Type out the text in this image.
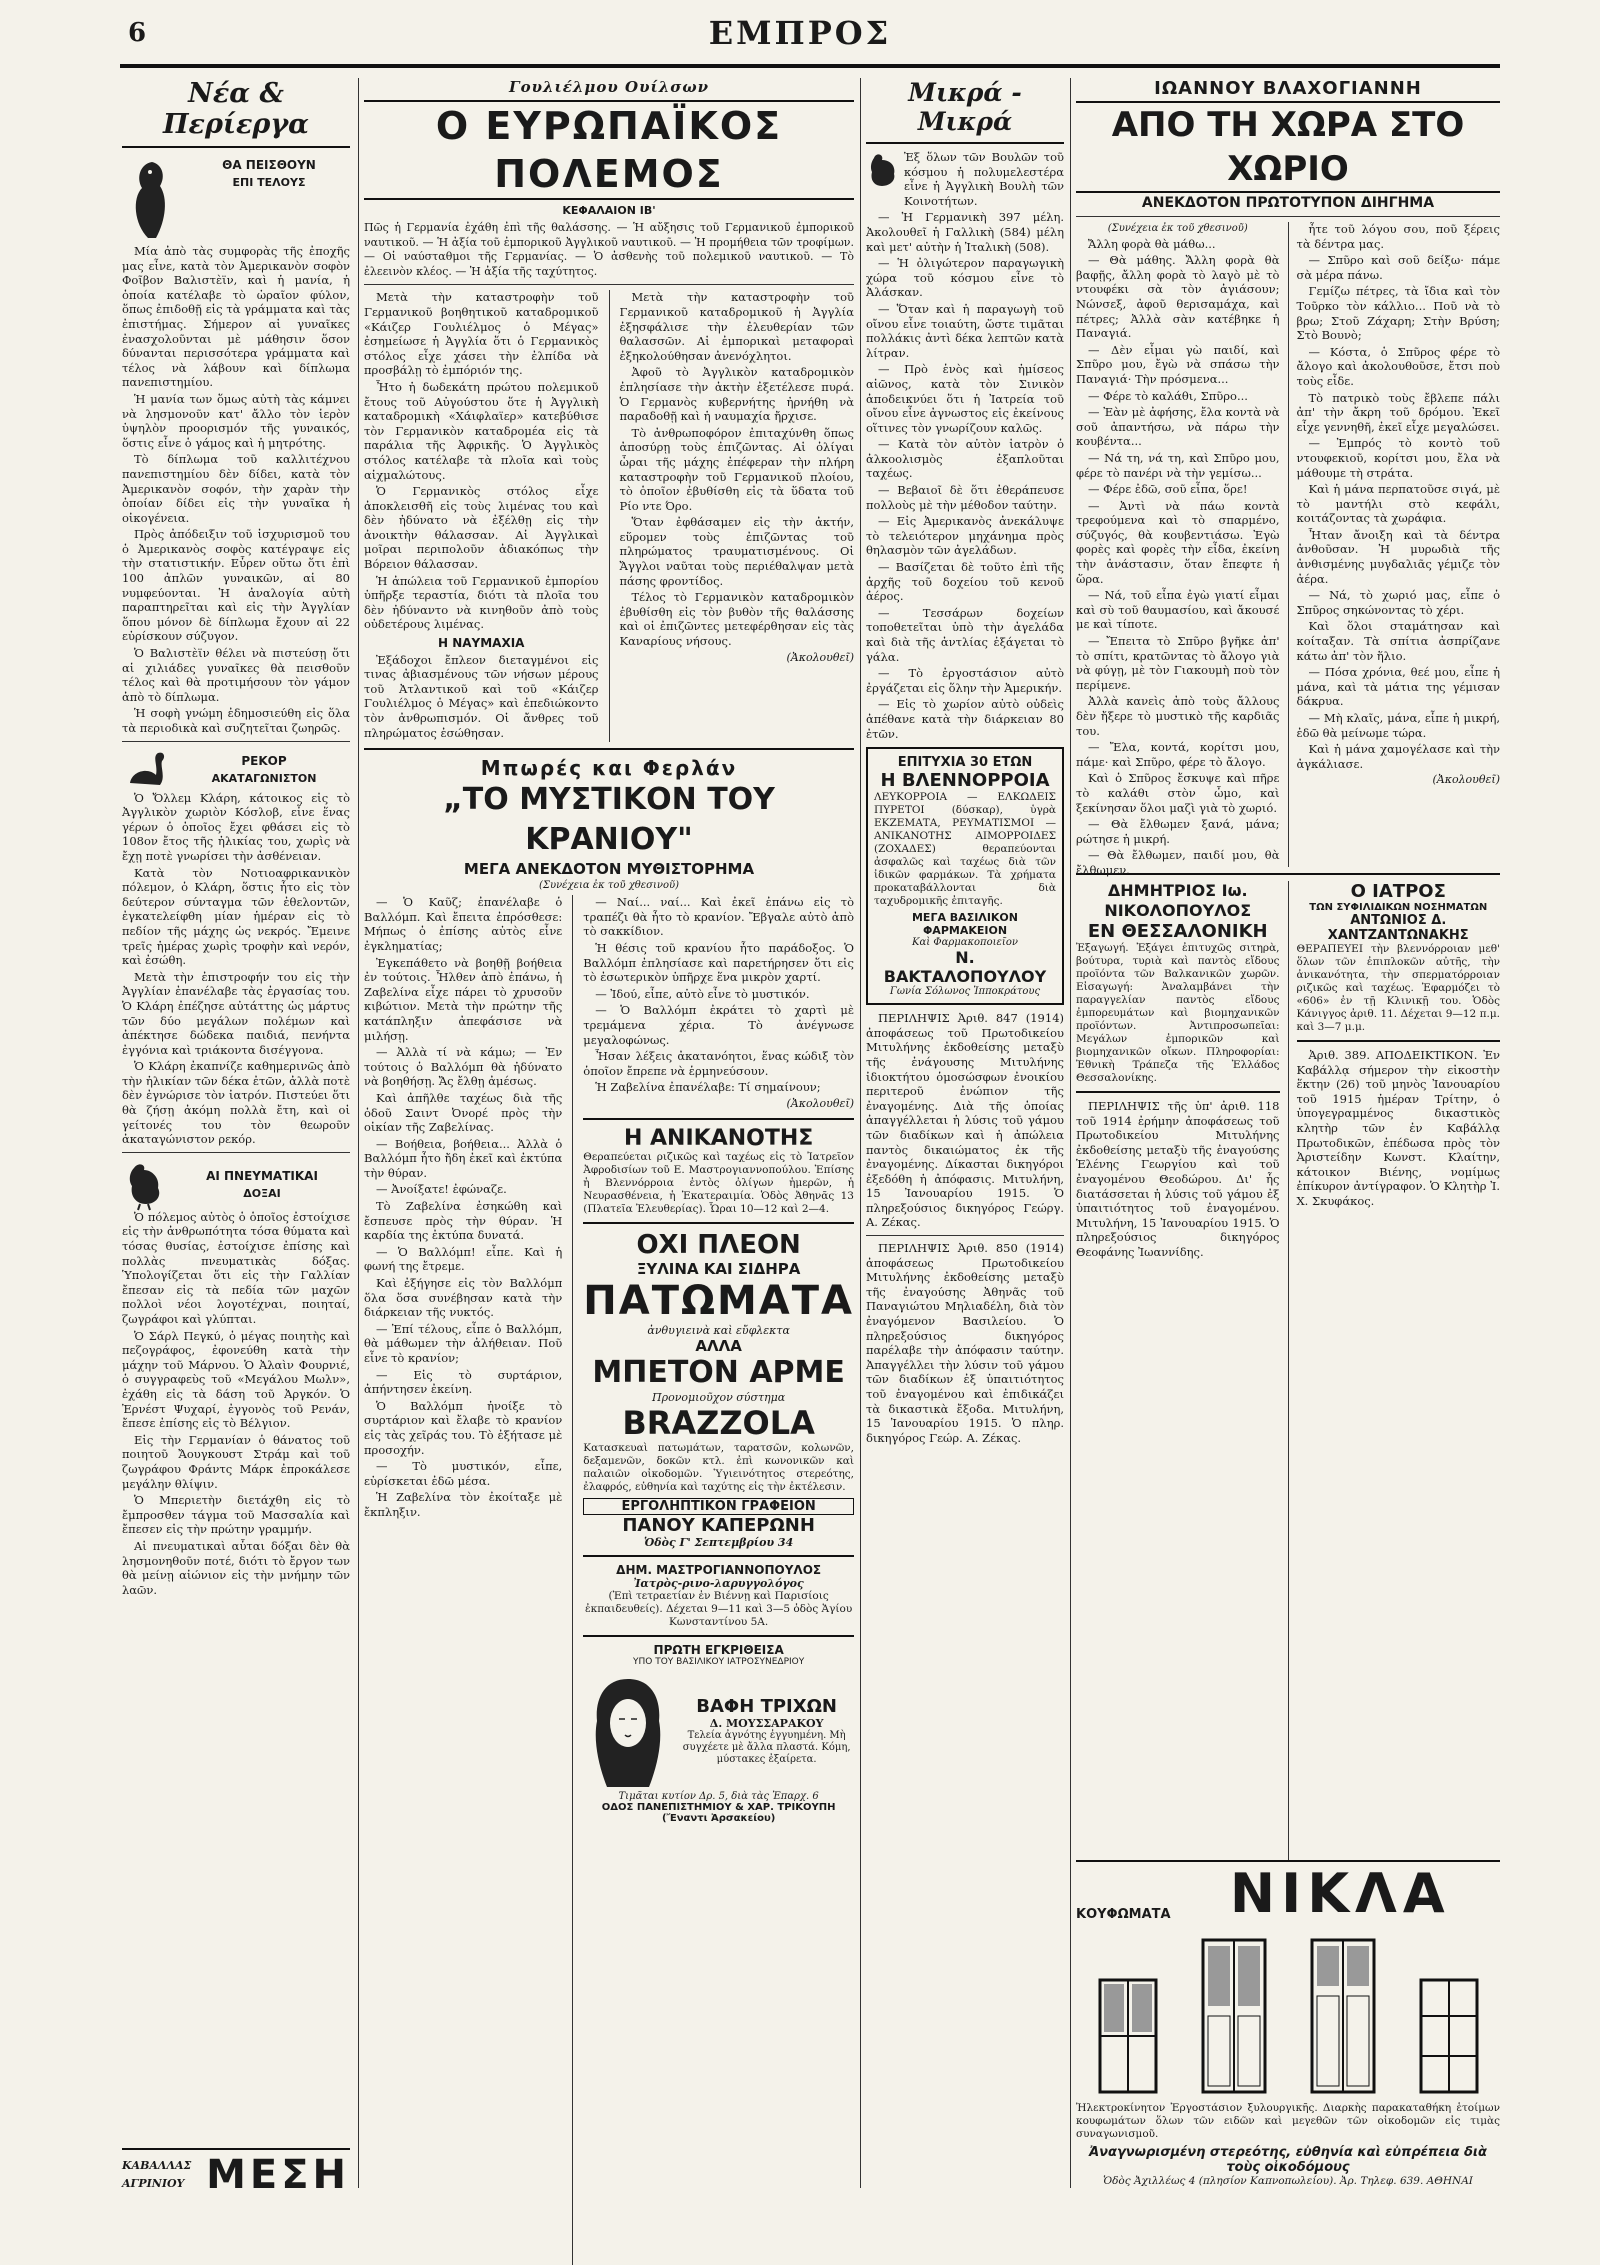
6	ΕΜΠΡΟΣ
Νέα & Περίεργα
ΘΑ ΠΕΙΣΘΟΥΝ
ΕΠΙ ΤΕΛΟΥΣ

Μία ἀπὸ τὰς συμφορὰς τῆς ἐποχῆς μας εἶνε, κατὰ τὸν Ἀμερικανὸν σοφὸν Φοῖβον Βαλιστὲϊν, καὶ ἡ μανία, ἡ ὁποία κατέλαβε τὸ ὡραῖον φύλον, ὅπως ἐπιδοθῇ εἰς τὰ γράμματα καὶ τὰς ἐπιστήμας. Σήμερον αἱ γυναῖκες ἐνασχολοῦνται μὲ μάθησιν ὅσον δύνανται περισσότερα γράμματα καὶ τέλος νὰ λάβουν καὶ δίπλωμα πανεπιστημίου.

Ἡ μανία των ὅμως αὐτὴ τὰς κάμνει νὰ λησμονοῦν κατ' ἄλλο τὸν ἱερὸν ὑψηλὸν προορισμόν τῆς γυναικός, ὅστις εἶνε ὁ γάμος καὶ ἡ μητρότης.

Τὸ δίπλωμα τοῦ καλλιτέχνου πανεπιστημίου δὲν δίδει, κατὰ τὸν Ἀμερικανὸν σοφόν, τὴν χαρὰν τὴν ὁποίαν δίδει εἰς τὴν γυναῖκα ἡ οἰκογένεια.

Πρὸς ἀπόδειξιν τοῦ ἰσχυρισμοῦ του ὁ Ἀμερικανὸς σοφὸς κατέγραψε εἰς τὴν στατιστικήν. Εὗρεν οὕτω ὅτι ἐπὶ 100 ἀπλῶν γυναικῶν, αἱ 80 νυμφεύονται. Ἡ ἀναλογία αὐτὴ παραπτηρεῖται καὶ εἰς τὴν Ἀγγλίαν ὅπου μόνον δὲ δίπλωμα ἔχουν αἱ 22 εὐρίσκουν σύζυγον.

Ὁ Βαλιστὲϊν θέλει νὰ πιστεύσῃ ὅτι αἱ χιλιάδες γυναῖκες θὰ πεισθοῦν τέλος καὶ θὰ προτιμήσουν τὸν γάμον ἀπὸ τὸ δίπλωμα.

Ἡ σοφὴ γνώμη ἐδημοσιεύθη εἰς ὅλα τὰ περιοδικὰ καὶ συζητεῖται ζωηρῶς.

ΡΕΚΟΡ
ΑΚΑΤΑΓΩΝΙΣΤΟΝ

Ὁ Ὄλλεμ Κλάρη, κάτοικος εἰς τὸ Ἀγγλικὸν χωριὸν Κόσλοβ, εἶνε ἕνας γέρων ὁ ὁποῖος ἔχει φθάσει εἰς τὸ 108ον ἔτος τῆς ἡλικίας του, χωρὶς νὰ ἔχῃ ποτὲ γνωρίσει τὴν ἀσθένειαν.

Κατὰ τὸν Νοτιοαφρικανικὸν πόλεμον, ὁ Κλάρη, ὅστις ἦτο εἰς τὸν δεύτερον σύνταγμα τῶν ἐθελοντῶν, ἐγκατελείφθη μίαν ἡμέραν εἰς τὸ πεδίον τῆς μάχης ὡς νεκρός. Ἔμεινε τρεῖς ἡμέρας χωρὶς τροφὴν καὶ νερόν, καὶ ἐσώθη.

Μετὰ τὴν ἐπιστροφήν του εἰς τὴν Ἀγγλίαν ἐπανέλαβε τὰς ἐργασίας του. Ὁ Κλάρη ἐπέζησε αὐτάττης ὡς μάρτυς τῶν δύο μεγάλων πολέμων καὶ ἀπέκτησε δώδεκα παιδιά, πενήντα ἐγγόνια καὶ τριάκοντα δισέγγονα.

Ὁ Κλάρη ἐκαπνίζε καθημερινῶς ἀπὸ τὴν ἡλικίαν τῶν δέκα ἐτῶν, ἀλλὰ ποτὲ δὲν ἐγνώρισε τὸν ἰατρόν. Πιστεύει ὅτι θὰ ζήσῃ ἀκόμη πολλὰ ἔτη, καὶ οἱ γείτονές του τὸν θεωροῦν ἀκαταγώνιστον ρεκόρ.

ΑΙ ΠΝΕΥΜΑΤΙΚΑΙ
ΔΟΞΑΙ

Ὁ πόλεμος αὐτὸς ὁ ὁποῖος ἐστοίχισε εἰς τὴν ἀνθρωπότητα τόσα θύματα καὶ τόσας θυσίας, ἐστοίχισε ἐπίσης καὶ πολλὰς πνευματικὰς δόξας. Ὑπολογίζεται ὅτι εἰς τὴν Γαλλίαν ἔπεσαν εἰς τὰ πεδία τῶν μαχῶν πολλοὶ νέοι λογοτέχναι, ποιηταί, ζωγράφοι καὶ γλύπται.

Ὁ Σάρλ Πεγκύ, ὁ μέγας ποιητὴς καὶ πεζογράφος, ἐφονεύθη κατὰ τὴν μάχην τοῦ Μάρνου. Ὁ Ἀλαὶν Φουρνιέ, ὁ συγγραφεὺς τοῦ «Μεγάλου Μωλν», ἐχάθη εἰς τὰ δάση τοῦ Ἀργκόν. Ὁ Ἐρνέστ Ψυχαρί, ἐγγονὸς τοῦ Ρενάν, ἔπεσε ἐπίσης εἰς τὸ Βέλγιον.

Εἰς τὴν Γερμανίαν ὁ θάνατος τοῦ ποιητοῦ Ἄουγκουστ Στράμ καὶ τοῦ ζωγράφου Φράντς Μάρκ ἐπροκάλεσε μεγάλην θλίψιν.

Ὁ Μπεριετὴν διετάχθη εἰς τὸ ἔμπροσθεν τάγμα τοῦ Μασσαλία καὶ ἔπεσεν εἰς τὴν πρώτην γραμμήν.

Αἱ πνευματικαὶ αὗται δόξαι δὲν θὰ λησμονηθοῦν ποτέ, διότι τὸ ἔργον των θὰ μείνῃ αἰώνιον εἰς τὴν μνήμην τῶν λαῶν.

ΚΑΒΑΛΛΑΣ
ΑΓΡΙΝΙΟΥ ΜΕΣΗ
Γουλιέλμου Ουίλσων
Ο ΕΥΡΩΠΑΪΚΟΣ ΠΟΛΕΜΟΣ
ΚΕΦΑΛΑΙΟΝ ΙΒ'
Πῶς ἡ Γερμανία ἐχάθη ἐπὶ τῆς θαλάσσης. — Ἡ αὔξησις τοῦ Γερμανικοῦ ἐμπορικοῦ ναυτικοῦ. — Ἡ ἀξία τοῦ ἐμπορικοῦ Ἀγγλικοῦ ναυτικοῦ. — Ἡ προμήθεια τῶν τροφίμων. — Οἱ ναύσταθμοι τῆς Γερμανίας. — Ὁ ἀσθενὴς τοῦ πολεμικοῦ ναυτικοῦ. — Τὸ ἐλεεινὸν κλέος. — Ἡ ἀξία τῆς ταχύτητος.

Μετὰ τὴν καταστροφὴν τοῦ Γερμανικοῦ βοηθητικοῦ καταδρομικοῦ «Κάιζερ Γουλιέλμος ὁ Μέγας» ἐσημείωσε ἡ Ἀγγλία ὅτι ὁ Γερμανικὸς στόλος εἶχε χάσει τὴν ἐλπίδα νὰ προσβάλῃ τὸ ἐμπόριόν της.

Ἦτο ἡ δωδεκάτη πρώτου πολεμικοῦ ἔτους τοῦ Αὐγούστου ὅτε ἡ Ἀγγλικὴ καταδρομικὴ «Χάιφλαϊερ» κατεβύθισε τὸν Γερμανικὸν καταδρομέα εἰς τὰ παράλια τῆς Ἀφρικῆς. Ὁ Ἀγγλικὸς στόλος κατέλαβε τὰ πλοῖα καὶ τοὺς αἰχμαλώτους.

Ὁ Γερμανικὸς στόλος εἶχε ἀποκλεισθῆ εἰς τοὺς λιμένας του καὶ δὲν ἠδύνατο νὰ ἐξέλθῃ εἰς τὴν ἀνοικτὴν θάλασσαν. Αἱ Ἀγγλικαὶ μοῖραι περιπολοῦν ἀδιακόπως τὴν Βόρειον θάλασσαν.

Ἡ ἀπώλεια τοῦ Γερμανικοῦ ἐμπορίου ὑπῆρξε τεραστία, διότι τὰ πλοῖα του δὲν ἠδύναντο νὰ κινηθοῦν ἀπὸ τοὺς οὐδετέρους λιμένας.

Η ΝΑΥΜΑΧΙΑ

Ἐξάδοχοι ἔπλεον διεταγμένοι εἰς τινας ἀβιασμένους τῶν νήσων μέρους τοῦ Ἀτλαντικοῦ καὶ τοῦ «Κάιζερ Γουλιέλμος ὁ Μέγας» καὶ ἐπεδιώκοντο τὸν ἀνθρωπισμόν. Οἱ ἄνθρες τοῦ πληρώματος ἐσώθησαν.

Μετὰ τὴν καταστροφὴν τοῦ Γερμανικοῦ καταδρομικοῦ ἡ Ἀγγλία ἐξησφάλισε τὴν ἐλευθερίαν τῶν θαλασσῶν. Αἱ ἐμπορικαὶ μεταφοραὶ ἐξηκολούθησαν ἀνενόχλητοι.

Ἀφοῦ τὸ Ἀγγλικὸν καταδρομικὸν ἐπλησίασε τὴν ἀκτὴν ἐξετέλεσε πυρά. Ὁ Γερμανὸς κυβερνήτης ἠρνήθη νὰ παραδοθῇ καὶ ἡ ναυμαχία ἤρχισε.

Τὸ ἀνθρωποφόρον ἐπιταχύνθη ὅπως ἀποσύρῃ τοὺς ἐπιζῶντας. Αἱ ὀλίγαι ὧραι τῆς μάχης ἐπέφεραν τὴν πλήρη καταστροφὴν τοῦ Γερμανικοῦ πλοίου, τὸ ὁποῖον ἐβυθίσθη εἰς τὰ ὕδατα τοῦ Ρίο ντε Όρο.

Ὅταν ἐφθάσαμεν εἰς τὴν ἀκτήν, εὕρομεν τοὺς ἐπιζῶντας τοῦ πληρώματος τραυματισμένους. Οἱ Ἄγγλοι ναῦται τοὺς περιέθαλψαν μετὰ πάσης φροντίδος.

Τέλος τὸ Γερμανικὸν καταδρομικὸν ἐβυθίσθη εἰς τὸν βυθὸν τῆς θαλάσσης καὶ οἱ ἐπιζῶντες μετεφέρθησαν εἰς τὰς Καναρίους νήσους.

(Ἀκολουθεῖ)
Μπωρές και Φερλάν
„ΤΟ ΜΥΣΤΙΚΟΝ ΤΟΥ ΚΡΑΝΙΟΥ"
ΜΕΓΑ ΑΝΕΚΔΟΤΟΝ ΜΥΘΙΣΤΟΡΗΜΑ
(Συνέχεια ἐκ τοῦ χθεσινοῦ)

— Ὁ Καῦζ; ἐπανέλαβε ὁ Βαλλόμπ. Καὶ ἔπειτα ἐπρόσθεσε: Μήπως ὁ ἐπίσης αὐτὸς εἶνε ἐγκληματίας;

Ἐγκεπάθετο νὰ βοηθῇ βοήθεια ἐν τούτοις. Ἦλθεν ἀπὸ ἐπάνω, ἡ Ζαβελίνα εἶχε πάρει τὸ χρυσοῦν κιβώτιον. Μετὰ τὴν πρώτην τῆς κατάπληξιν ἀπεφάσισε νὰ μιλήσῃ.

— Ἀλλὰ τί νὰ κάμω; — Ἐν τούτοις ὁ Βαλλόμπ θὰ ἠδύνατο νὰ βοηθήσῃ. Ἄς ἔλθῃ ἀμέσως.

Καὶ ἀπῆλθε ταχέως διὰ τῆς ὁδοῦ Σαιντ Ὀνορέ πρὸς τὴν οἰκίαν τῆς Ζαβελίνας.

— Βοήθεια, βοήθεια... Ἀλλὰ ὁ Βαλλόμπ ἦτο ἤδη ἐκεῖ καὶ ἐκτύπα τὴν θύραν.

— Ἀνοίξατε! ἐφώναζε.

Τὸ Ζαβελίνα ἐσηκώθη καὶ ἔσπευσε πρὸς τὴν θύραν. Ἡ καρδία της ἐκτύπα δυνατά.

— Ὁ Βαλλόμπ! εἶπε. Καὶ ἡ φωνή της ἔτρεμε.

Καὶ ἐξήγησε εἰς τὸν Βαλλόμπ ὅλα ὅσα συνέβησαν κατὰ τὴν διάρκειαν τῆς νυκτός.

— Ἐπί τέλους, εἶπε ὁ Βαλλόμπ, θὰ μάθωμεν τὴν ἀλήθειαν. Ποῦ εἶνε τὸ κρανίον;

— Εἰς τὸ συρτάριον, ἀπήντησεν ἐκείνη.

Ὁ Βαλλόμπ ἠνοίξε τὸ συρτάριον καὶ ἔλαβε τὸ κρανίον εἰς τὰς χεῖράς του. Τὸ ἐξήτασε μὲ προσοχήν.

— Τὸ μυστικόν, εἶπε, εὑρίσκεται ἐδῶ μέσα.

Ἡ Ζαβελίνα τὸν ἐκοίταξε μὲ ἔκπληξιν.

— Ναί... ναί... Καὶ ἐκεῖ ἐπάνω εἰς τὸ τραπέζι θὰ ἦτο τὸ κρανίον. Ἔβγαλε αὐτὸ ἀπὸ τὸ σακκίδιον.

Ἡ θέσις τοῦ κρανίου ἦτο παράδοξος. Ὁ Βαλλόμπ ἐπλησίασε καὶ παρετήρησεν ὅτι εἰς τὸ ἐσωτερικὸν ὑπῆρχε ἕνα μικρὸν χαρτί.

— Ἰδού, εἶπε, αὐτὸ εἶνε τὸ μυστικόν.

— Ὁ Βαλλόμπ ἐκράτει τὸ χαρτὶ μὲ τρεμάμενα χέρια. Τὸ ἀνέγνωσε μεγαλοφώνως.

Ἦσαν λέξεις ἀκατανόητοι, ἕνας κώδιξ τὸν ὁποῖον ἔπρεπε νὰ ἑρμηνεύσουν.

Ἡ Ζαβελίνα ἐπανέλαβε: Τί σημαίνουν;

(Ἀκολουθεῖ)
Η ΑΝΙΚΑΝΟΤΗΣ
Θεραπεύεται ριζικῶς καὶ ταχέως εἰς τὸ Ἰατρεῖον Ἀφροδισίων τοῦ Ε. Μαστρογιαννοπούλου. Ἐπίσης ἡ Βλεννόρροια ἐντὸς ὀλίγων ἡμερῶν, ἡ Νευρασθένεια, ἡ Ἑκατεραιμία. Ὁδὸς Ἀθηνᾶς 13 (Πλατεῖα Ἐλευθερίας). Ὧραι 10—12 καὶ 2—4.
ΟΧΙ ΠΛΕΟΝ
ΞΥΛΙΝΑ ΚΑΙ ΣΙΔΗΡΑ
ΠΑΤΩΜΑΤΑ
ἀνθυγιεινὰ καὶ εὔφλεκτα
ΑΛΛΑ
ΜΠΕΤΟΝ ΑΡΜΕ
Προνομιοῦχον σύστημα
BRAZZOLA
Κατασκευαὶ πατωμάτων, ταρατσῶν, κολωνῶν, δεξαμενῶν, δοκῶν κτλ. ἐπὶ κωνονικῶν καὶ παλαιῶν οἰκοδομῶν. Ὑγιεινότητος στερεότης, ἐλαφρός, εὐθηνία καὶ ταχύτης εἰς τὴν ἐκτέλεσιν.
ΕΡΓΟΛΗΠΤΙΚΟΝ ΓΡΑΦΕΙΟΝ
ΠΑΝΟΥ ΚΑΠΕΡΩΝΗ
Ὁδὸς Γ' Σεπτεμβρίου 34
ΔΗΜ. ΜΑΣΤΡΟΓΙΑΝΝΟΠΟΥΛΟΣ
Ἰατρὸς-ρινο-λαρυγγολόγος
(Ἐπὶ τετραετίαν ἐν Βιέννῃ καὶ Παρισίοις ἐκπαιδευθείς). Δέχεται 9—11 καὶ 3—5 ὁδὸς Ἁγίου Κωνσταντίνου 5Α.
ΠΡΩΤΗ ΕΓΚΡΙΘΕΙΣΑ
ΥΠΟ ΤΟΥ ΒΑΣΙΛΙΚΟΥ ΙΑΤΡΟΣΥΝΕΔΡΙΟΥ
ΒΑΦΗ ΤΡΙΧΩΝ
Δ. ΜΟΥΣΣΑΡΑΚΟΥ
Τελεία ἀγνότης ἐγγυημένη. Μὴ συγχέετε μὲ ἄλλα πλαστά. Κόμη, μύστακες ἐξαίρετα.
Τιμᾶται κυτίον Δρ. 5, διὰ τὰς Ἐπαρχ. 6
ΟΔΟΣ ΠΑΝΕΠΙΣΤΗΜΙΟΥ & ΧΑΡ. ΤΡΙΚΟΥΠΗ (Ἔναντι Ἀρσακείου)
Μικρά - Μικρά

Ἐξ ὅλων τῶν Βουλῶν τοῦ κόσμου ἡ πολυμελεστέρα εἶνε ἡ Ἀγγλικὴ Βουλὴ τῶν Κοινοτήτων.

— Ἡ Γερμανικὴ 397 μέλη. Ἀκολουθεῖ ἡ Γαλλικὴ (584) μέλη καὶ μετ' αὐτὴν ἡ Ἰταλικὴ (508).

— Ἡ ὀλιγώτερον παραγωγικὴ χώρα τοῦ κόσμου εἶνε τὸ Ἀλάσκαν.

— Ὅταν καὶ ἡ παραγωγὴ τοῦ οἴνου εἶνε τοιαύτη, ὥστε τιμᾶται πολλάκις ἀντὶ δέκα λεπτῶν κατὰ λίτραν.

— Πρὸ ἑνὸς καὶ ἡμίσεος αἰῶνος, κατὰ τὸν Σινικὸν ἀποδεικνύει ὅτι ἡ Ἰατρεία τοῦ οἴνου εἶνε ἀγνωστος εἰς ἐκείνους οἵτινες τὸν γνωρίζουν καλῶς.

— Κατὰ τὸν αὐτὸν ἰατρὸν ὁ ἀλκοολισμὸς ἐξαπλοῦται ταχέως.

— Βεβαιοῖ δὲ ὅτι ἐθεράπευσε πολλοὺς μὲ τὴν μέθοδον ταύτην.

— Εἰς Ἀμερικανὸς ἀνεκάλυψε τὸ τελειότερον μηχάνημα πρὸς θηλασμὸν τῶν ἀγελάδων.

— Βασίζεται δὲ τοῦτο ἐπὶ τῆς ἀρχῆς τοῦ δοχείου τοῦ κενοῦ ἀέρος.

— Τεσσάρων δοχείων τοποθετεῖται ὑπὸ τὴν ἀγελάδα καὶ διὰ τῆς ἀντλίας ἐξάγεται τὸ γάλα.

— Τὸ ἐργοστάσιον αὐτὸ ἐργάζεται εἰς ὅλην τὴν Ἀμερικήν.

— Εἰς τὸ χωρίον αὐτὸ οὐδεὶς ἀπέθανε κατὰ τὴν διάρκειαν 80 ἐτῶν.

ΕΠΙΤΥΧΙΑ 30 ΕΤΩΝ
Η ΒΛΕΝΝΟΡΡΟΙΑ
ΛΕΥΚΟΡΡΟΙΑ — ΕΛΚΩΔΕΙΣ ΠΥΡΕΤΟΙ (δύσκαρ), ὑγρὰ ΕΚΖΕΜΑΤΑ, ΡΕΥΜΑΤΙΣΜΟΙ — ΑΝΙΚΑΝΟΤΗΣ ΑΙΜΟΡΡΟΙΔΕΣ (ΖΟΧΑΔΕΣ) θεραπεύονται ἀσφαλῶς καὶ ταχέως διὰ τῶν ἰδικῶν φαρμάκων. Τὰ χρήματα προκαταβάλλονται διὰ ταχυδρομικῆς ἐπιταγῆς.
ΜΕΓΑ ΒΑΣΙΛΙΚΟΝ ΦΑΡΜΑΚΕΙΟΝ
Καὶ Φαρμακοποιεῖον
Ν. ΒΑΚΤΑΛΟΠΟΥΛΟΥ
Γωνία Σόλωνος Ἱπποκράτους

ΠΕΡΙΛΗΨΙΣ Ἀριθ. 847 (1914) ἀποφάσεως τοῦ Πρωτοδικείου Μιτυλήνης ἐκδοθείσης μεταξὺ τῆς ἐνάγουσης Μιτυλήνης ἰδιοκτήτου ὁμοσώσφων ἐνοικίου περιτεροῦ ἐνώπιον τῆς ἐναγομένης. Διὰ τῆς ὁποίας ἀπαγγέλλεται ἡ λύσις τοῦ γάμου τῶν διαδίκων καὶ ἡ ἀπώλεια παντὸς δικαιώματος ἐκ τῆς ἐναγομένης. Δίκασται δικηγόροι ἐξεδόθη ἡ ἀπόφασις. Μιτυλήνη, 15 Ἰανουαρίου 1915. Ὁ πληρεξούσιος δικηγόρος Γεώργ. Α. Ζέκας.

ΠΕΡΙΛΗΨΙΣ Ἀριθ. 850 (1914) ἀποφάσεως Πρωτοδικείου Μιτυλήνης ἐκδοθείσης μεταξὺ τῆς ἐναγούσης Ἀθηνᾶς τοῦ Παναγιώτου Μηλιαδέλη, διὰ τὸν ἐναγόμενον Βασιλείου. Ὁ πληρεξούσιος δικηγόρος παρέλαβε τὴν ἀπόφασιν ταύτην. Ἀπαγγέλλει τὴν λύσιν τοῦ γάμου τῶν διαδίκων ἐξ ὑπαιτιότητος τοῦ ἐναγομένου καὶ ἐπιδικάζει τὰ δικαστικὰ ἔξοδα. Μιτυλήνη, 15 Ἰανουαρίου 1915. Ὁ πληρ. δικηγόρος Γεώρ. Α. Ζέκας.

ΙΩΑΝΝΟΥ ΒΛΑΧΟΓΙΑΝΝΗ
ΑΠΟ ΤΗ ΧΩΡΑ ΣΤΟ ΧΩΡΙΟ
ΑΝΕΚΔΟΤΟΝ ΠΡΩΤΟΤΥΠΟΝ ΔΙΗΓΗΜΑ
(Συνέχεια ἐκ τοῦ χθεσινοῦ)

Ἄλλη φορὰ θὰ μάθω...

— Θὰ μάθης. Ἄλλη φορὰ θὰ βαφῇς, ἄλλη φορὰ τὸ λαγὸ μὲ τὸ ντουφέκι σὰ τὸν ἀγιάσουν; Νώνσεξ, ἀφοῦ θερισαμάχα, καὶ πέτρες; Ἀλλὰ σὰν κατέβηκε ἡ Παναγιά.

— Δὲν εἶμαι γὼ παιδί, καὶ Σπῦρο μου, ἔγὼ νὰ σπάσω τὴν Παναγιά· Τὴν πρόσμενα...

— Φέρε τὸ καλάθι, Σπῦρο...

— Ἐὰν μὲ ἀφήσης, ἔλα κοντὰ νὰ σοῦ ἀπαντήσω, νὰ πάρω τὴν κουβέντα...

— Νά τη, νά τη, καὶ Σπῦρο μου, φέρε τὸ πανέρι νὰ τὴν γεμίσω...

— Φέρε ἐδῶ, σοῦ εἶπα, ὅρε!

— Ἀντὶ νὰ πάω κοντὰ τρεφούμενα καὶ τὸ σπαρμένο, σύζυγός, θὰ κουβεντιάσω. Ἐγὼ φορὲς καὶ φορὲς τὴν εἶδα, ἐκείνη τὴν ἀνάστασιν, ὅταν ἔπεφτε ἡ ὥρα.

— Νά, τοῦ εἶπα ἐγὼ γιατί εἶμαι καὶ σὺ τοῦ θαυμασίου, καὶ ἄκουσέ με καὶ τίποτε.

— Ἔπειτα τὸ Σπῦρο βγῆκε ἀπ' τὸ σπίτι, κρατῶντας τὸ ἄλογο γιὰ νὰ φύγῃ, μὲ τὸν Γιακουμὴ ποὺ τὸν περίμενε.

Ἀλλὰ κανεὶς ἀπὸ τοὺς ἄλλους δὲν ἤξερε τὸ μυστικὸ τῆς καρδιᾶς του.

— Ἔλα, κοντά, κορίτσι μου, πάμε· καὶ Σπῦρο, φέρε τὸ ἄλογο.

Καὶ ὁ Σπῦρος ἔσκυψε καὶ πῆρε τὸ καλάθι στὸν ὦμο, καὶ ξεκίνησαν ὅλοι μαζὶ γιὰ τὸ χωριό.

— Θὰ ἔλθωμεν ξανά, μάνα; ρώτησε ἡ μικρή.

— Θὰ ἔλθωμεν, παιδί μου, θὰ ἔλθωμεν.

ἦτε τοῦ λόγου σου, ποῦ ξέρεις τὰ δέντρα μας.

— Σπῦρο καὶ σοῦ δείξω· πάμε σὰ μέρα πάνω.

Γεμίζω πέτρες, τὰ ἴδια καὶ τὸν Τοῦρκο τὸν κάλλιο... Ποῦ νὰ τὸ βρω; Στοῦ Ζάχαρη; Στὴν Βρύση; Στὸ Βουνὸ;

— Κόστα, ὁ Σπῦρος φέρε τὸ ἄλογο καὶ ἀκολουθοῦσε, ἔτσι ποὺ τοὺς εἶδε.

Τὸ πατρικὸ τοὺς ἔβλεπε πάλι ἀπ' τὴν ἄκρη τοῦ δρόμου. Ἐκεῖ εἶχε γεννηθῆ, ἐκεῖ εἶχε μεγαλώσει.

— Ἐμπρός τὸ κοντὸ τοῦ ντουφεκιοῦ, κορίτσι μου, ἔλα νὰ μάθουμε τὴ στράτα.

Καὶ ἡ μάνα περπατοῦσε σιγά, μὲ τὸ μαντήλι στὸ κεφάλι, κοιτάζοντας τὰ χωράφια.

Ἦταν ἄνοιξη καὶ τὰ δέντρα ἀνθοῦσαν. Ἡ μυρωδιὰ τῆς ἀνθισμένης μυγδαλιᾶς γέμιζε τὸν ἀέρα.

— Νά, τὸ χωριό μας, εἶπε ὁ Σπῦρος σηκώνοντας τὸ χέρι.

Καὶ ὅλοι σταμάτησαν καὶ κοίταξαν. Τὰ σπίτια ἀσπρίζανε κάτω ἀπ' τὸν ἥλιο.

— Πόσα χρόνια, θεέ μου, εἶπε ἡ μάνα, καὶ τὰ μάτια της γέμισαν δάκρυα.

— Μὴ κλαῖς, μάνα, εἶπε ἡ μικρή, ἐδῶ θὰ μείνωμε τώρα.

Καὶ ἡ μάνα χαμογέλασε καὶ τὴν ἀγκάλιασε.

(Ἀκολουθεῖ)
ΔΗΜΗΤΡΙΟΣ Ιω. ΝΙΚΟΛΟΠΟΥΛΟΣ
ΕΝ ΘΕΣΣΑΛΟΝΙΚΗ
Ἐξαγωγή. Ἐξάγει ἐπιτυχῶς σιτηρὰ, βούτυρα, τυριὰ καὶ παντὸς εἴδους προϊόντα τῶν Βαλκανικῶν χωρῶν. Εἰσαγωγή: Ἀναλαμβάνει τὴν παραγγελίαν παντὸς εἴδους ἐμπορευμάτων καὶ βιομηχανικῶν προϊόντων. Ἀντιπροσωπεῖαι: Μεγάλων ἐμπορικῶν καὶ βιομηχανικῶν οἴκων. Πληροφορίαι: Ἐθνικὴ Τράπεζα τῆς Ἑλλάδος Θεσσαλονίκης.

ΠΕΡΙΛΗΨΙΣ τῆς ὑπ' ἀριθ. 118 τοῦ 1914 ἐρήμην ἀποφάσεως τοῦ Πρωτοδικείου Μιτυλήνης ἐκδοθείσης μεταξὺ τῆς ἐναγούσης Ἑλένης Γεωργίου καὶ τοῦ ἐναγομένου Θεοδώρου. Δι' ἧς διατάσσεται ἡ λύσις τοῦ γάμου ἐξ ὑπαιτιότητος τοῦ ἐναγομένου. Μιτυλήνη, 15 Ἰανουαρίου 1915. Ὁ πληρεξούσιος δικηγόρος Θεοφάνης Ἰωαννίδης.

Ο ΙΑΤΡΟΣ
ΤΩΝ ΣΥΦΙΛΙΔΙΚΩΝ ΝΟΣΗΜΑΤΩΝ
ΑΝΤΩΝΙΟΣ Δ. ΧΑΝΤΖΑΝΤΩΝΑΚΗΣ
ΘΕΡΑΠΕΥΕΙ τὴν βλεννόρροιαν μεθ' ὅλων τῶν ἐπιπλοκῶν αὐτῆς, τὴν ἀνικανότητα, τὴν σπερματόρροιαν ριζικῶς καὶ ταχέως. Ἐφαρμόζει τὸ «606» ἐν τῇ Κλινικῇ του. Ὁδὸς Κάνιγγος ἀριθ. 11. Δέχεται 9—12 π.μ. καὶ 3—7 μ.μ.

Ἀριθ. 389. ΑΠΟΔΕΙΚΤΙΚΟΝ. Ἐν Καβάλλᾳ σήμερον τὴν εἰκοστὴν ἕκτην (26) τοῦ μηνὸς Ἰανουαρίου τοῦ 1915 ἡμέραν Τρίτην, ὁ ὑπογεγραμμένος δικαστικὸς κλητὴρ τῶν ἐν Καβάλλᾳ Πρωτοδικῶν, ἐπέδωσα πρὸς τὸν Ἀριστείδην Κωνστ. Κλαίτην, κάτοικον Βιένης, νομίμως ἐπίκυρον ἀντίγραφον. Ὁ Κλητὴρ Ἰ. Χ. Σκυφάκος.

ΚΟΥΦΩΜΑΤΑ	ΝΙΚΛΑ
Ἠλεκτροκίνητον Ἐργοστάσιον ξυλουργικῆς. Διαρκὴς παρακαταθήκη ἑτοίμων κουφωμάτων ὅλων τῶν ειδῶν καὶ μεγεθῶν τῶν οἰκοδομῶν εἰς τιμὰς συναγωνισμοῦ.
Ἀναγνωρισμένη στερεότης, εὐθηνία καὶ εὐπρέπεια διὰ τοὺς οἰκοδόμους
Ὁδὸς Ἀχιλλέως 4 (πλησίον Καπνοπωλείου). Ἀρ. Τηλεφ. 639. ΑΘΗΝΑΙ
